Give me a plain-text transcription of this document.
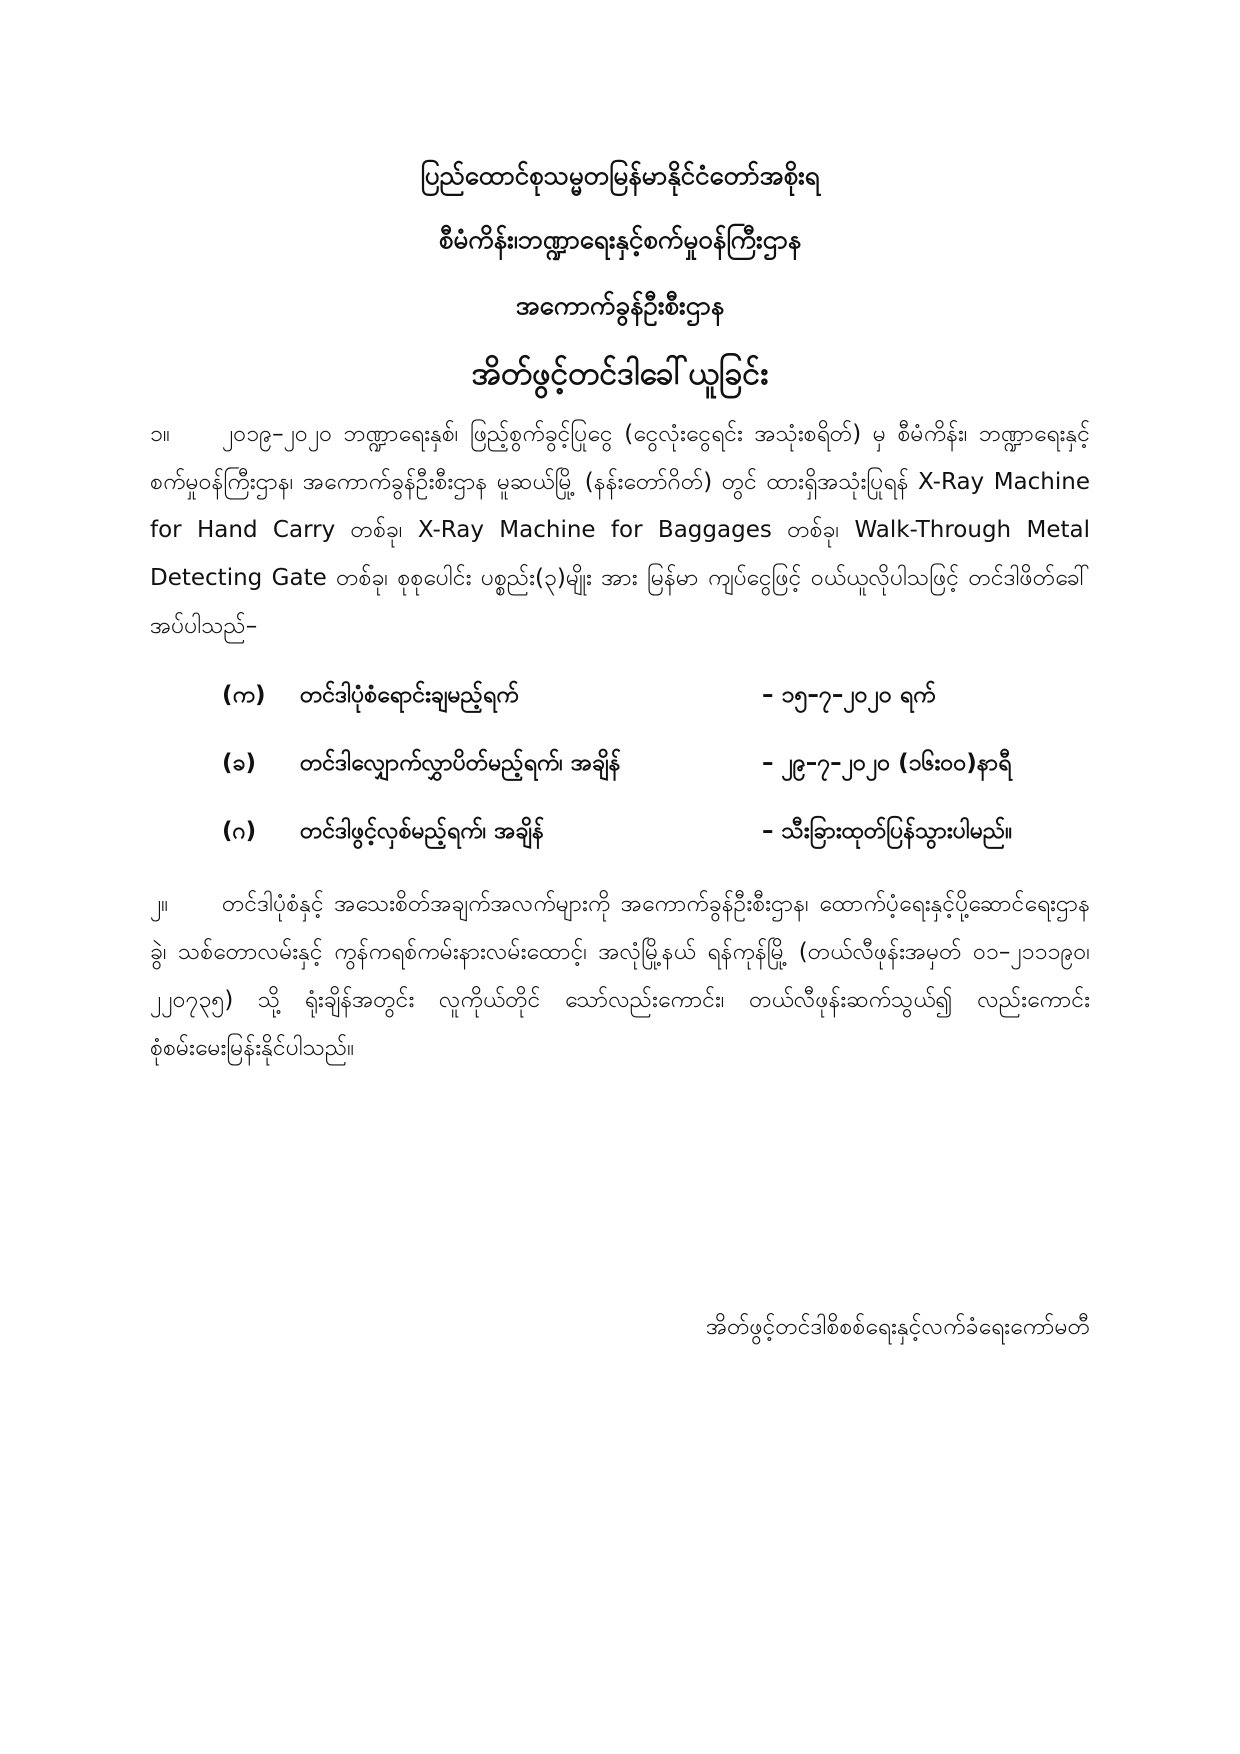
ပြည်ထောင်စုသမ္မတမြန်မာနိုင်ငံတော်အစိုးရ
စီမံကိန်း၊ဘဏ္ဍာရေးနှင့်စက်မှုဝန်ကြီးဌာန
အကောက်ခွန်ဦးစီးဌာန
အိတ်ဖွင့်တင်ဒါခေါ်ယူခြင်း
၁။ ၂၀၁၉–၂၀၂၀ ဘဏ္ဍာရေးနှစ်၊ ဖြည့်စွက်ခွင့်ပြုငွေ (ငွေလုံးငွေရင်း အသုံးစရိတ်) မှ စီမံကိန်း၊ ဘဏ္ဍာရေးနှင့်စက်မှုဝန်ကြီးဌာန၊ အကောက်ခွန်ဦးစီးဌာန မူဆယ်မြို့ (နန်းတော်ဂိတ်) တွင် ထားရှိအသုံးပြုရန် X-Ray Machine for Hand Carry တစ်ခု၊ X-Ray Machine for Baggages တစ်ခု၊ Walk-Through Metal Detecting Gate တစ်ခု၊ စုစုပေါင်း ပစ္စည်း(၃)မျိုး အား မြန်မာ ကျပ်ငွေဖြင့် ဝယ်ယူလိုပါသဖြင့် တင်ဒါဖိတ်ခေါ်အပ်ပါသည်–
(က) တင်ဒါပုံစံရောင်းချမည့်ရက်	– ၁၅–၇–၂၀၂၀ ရက်
(ခ) တင်ဒါလျှောက်လွှာပိတ်မည့်ရက်၊ အချိန်	– ၂၉–၇–၂၀၂၀ (၁၆း၀၀)နာရီ
(ဂ) တင်ဒါဖွင့်လှစ်မည့်ရက်၊ အချိန်	– သီးခြားထုတ်ပြန်သွားပါမည်။
၂။ တင်ဒါပုံစံနှင့် အသေးစိတ်အချက်အလက်များကို အကောက်ခွန်ဦးစီးဌာန၊ ထောက်ပံ့ရေးနှင့်ပို့ဆောင်ရေးဌာနခွဲ၊ သစ်တောလမ်းနှင့် ကွန်ကရစ်ကမ်းနားလမ်းထောင့်၊ အလုံမြို့နယ် ရန်ကုန်မြို့ (တယ်လီဖုန်းအမှတ် ၀၁–၂၁၁၁၉၀၊ ၂၂၀၇၃၅) သို့ ရုံးချိန်အတွင်း လူကိုယ်တိုင် သော်လည်းကောင်း၊ တယ်လီဖုန်းဆက်သွယ်၍ လည်းကောင်း စုံစမ်းမေးမြန်းနိုင်ပါသည်။
အိတ်ဖွင့်တင်ဒါစိစစ်ရေးနှင့်လက်ခံရေးကော်မတီ
